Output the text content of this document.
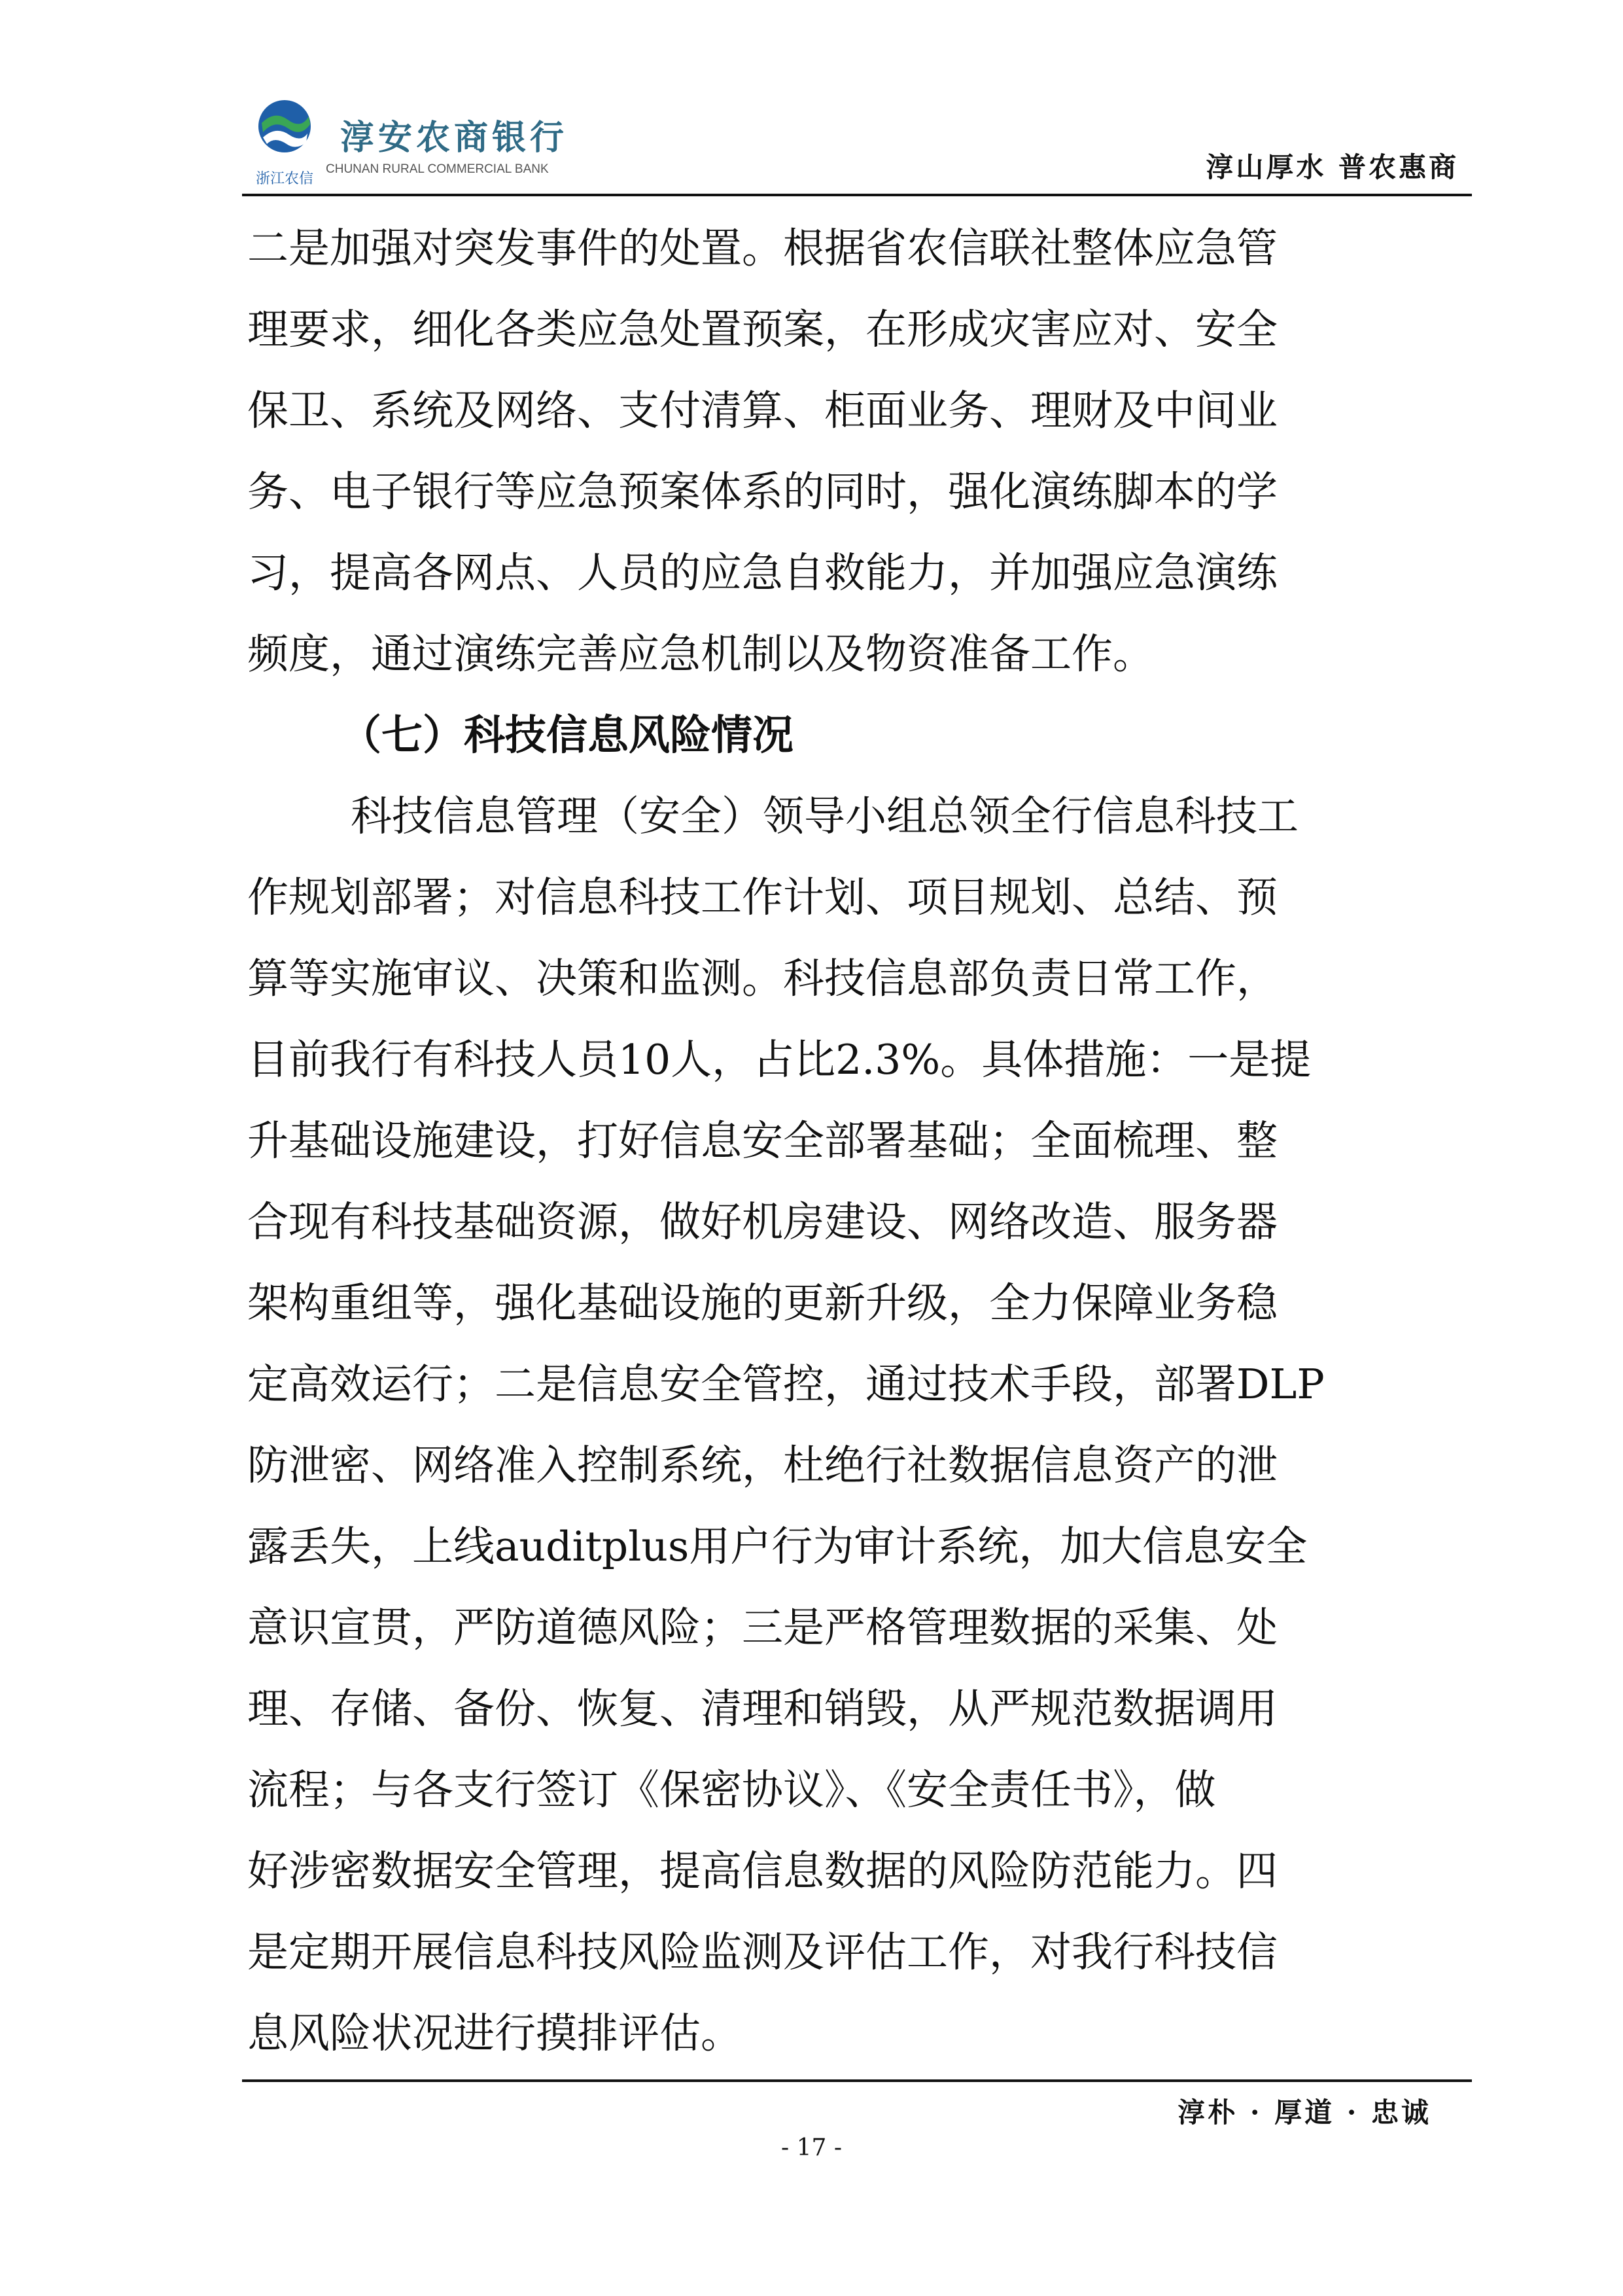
浙江农信
淳安农商银行
CHUNAN RURAL COMMERCIAL BANK	淳山厚水 普农惠商
二是加强对突发事件的处置。根据省农信联社整体应急管
理要求，细化各类应急处置预案，在形成灾害应对、安全
保卫、系统及网络、支付清算、柜面业务、理财及中间业
务、电子银行等应急预案体系的同时，强化演练脚本的学
习，提高各网点、人员的应急自救能力，并加强应急演练
频度，通过演练完善应急机制以及物资准备工作。
（七）科技信息风险情况
科技信息管理（安全）领导小组总领全行信息科技工
作规划部署；对信息科技工作计划、项目规划、总结、预
算等实施审议、决策和监测。科技信息部负责日常工作，
目前我行有科技人员10人，占比2.3%。具体措施：一是提
升基础设施建设，打好信息安全部署基础；全面梳理、整
合现有科技基础资源，做好机房建设、网络改造、服务器
架构重组等，强化基础设施的更新升级，全力保障业务稳
定高效运行；二是信息安全管控，通过技术手段，部署DLP
防泄密、网络准入控制系统，杜绝行社数据信息资产的泄
露丢失，上线auditplus用户行为审计系统，加大信息安全
意识宣贯，严防道德风险；三是严格管理数据的采集、处
理、存储、备份、恢复、清理和销毁，从严规范数据调用
流程；与各支行签订《保密协议》、《安全责任书》，做
好涉密数据安全管理，提高信息数据的风险防范能力。四
是定期开展信息科技风险监测及评估工作，对我行科技信
息风险状况进行摸排评估。
淳朴 · 厚道 · 忠诚
- 17 -
